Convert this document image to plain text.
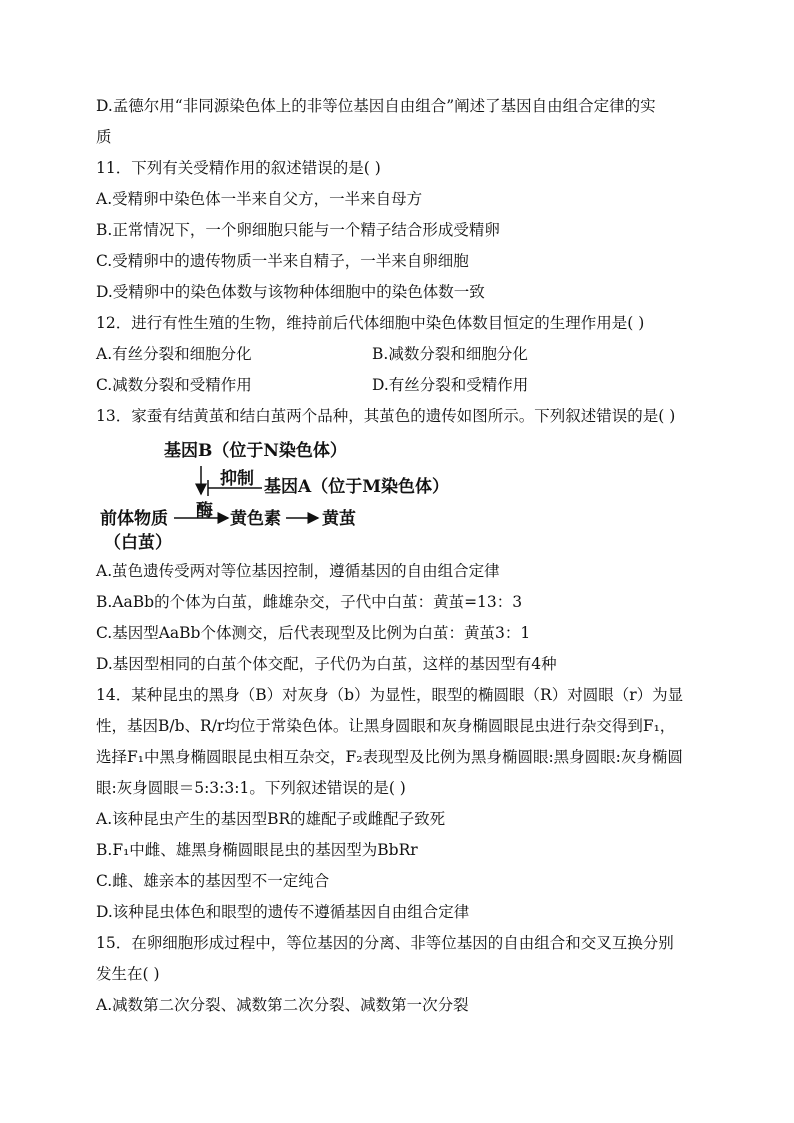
D.孟德尔用“非同源染色体上的非等位基因自由组合”阐述了基因自由组合定律的实
质
11．下列有关受精作用的叙述错误的是( )
A.受精卵中染色体一半来自父方，一半来自母方
B.正常情况下，一个卵细胞只能与一个精子结合形成受精卵
C.受精卵中的遗传物质一半来自精子，一半来自卵细胞
D.受精卵中的染色体数与该物种体细胞中的染色体数一致
12．进行有性生殖的生物，维持前后代体细胞中染色体数目恒定的生理作用是( )
A.有丝分裂和细胞分化	B.减数分裂和细胞分化
C.减数分裂和受精作用	D.有丝分裂和受精作用
13．家蚕有结黄茧和结白茧两个品种，其茧色的遗传如图所示。下列叙述错误的是( )
基因B（位于N染色体）
抑制 基因A（位于M染色体）
酶
前体物质
（白茧）
黄色素 黄茧
A.茧色遗传受两对等位基因控制，遵循基因的自由组合定律
B.AaBb的个体为白茧，雌雄杂交，子代中白茧：黄茧=13：3
C.基因型AaBb个体测交，后代表现型及比例为白茧：黄茧3：1
D.基因型相同的白茧个体交配，子代仍为白茧，这样的基因型有4种
14．某种昆虫的黑身（B）对灰身（b）为显性，眼型的椭圆眼（R）对圆眼（r）为显
性，基因B/b、R/r均位于常染色体。让黑身圆眼和灰身椭圆眼昆虫进行杂交得到F₁，
选择F₁中黑身椭圆眼昆虫相互杂交，F₂表现型及比例为黑身椭圆眼:黑身圆眼:灰身椭圆
眼:灰身圆眼＝5:3:3:1。下列叙述错误的是( )
A.该种昆虫产生的基因型BR的雄配子或雌配子致死
B.F₁中雌、雄黑身椭圆眼昆虫的基因型为BbRr
C.雌、雄亲本的基因型不一定纯合
D.该种昆虫体色和眼型的遗传不遵循基因自由组合定律
15．在卵细胞形成过程中，等位基因的分离、非等位基因的自由组合和交叉互换分别
发生在( )
A.减数第二次分裂、减数第二次分裂、减数第一次分裂
